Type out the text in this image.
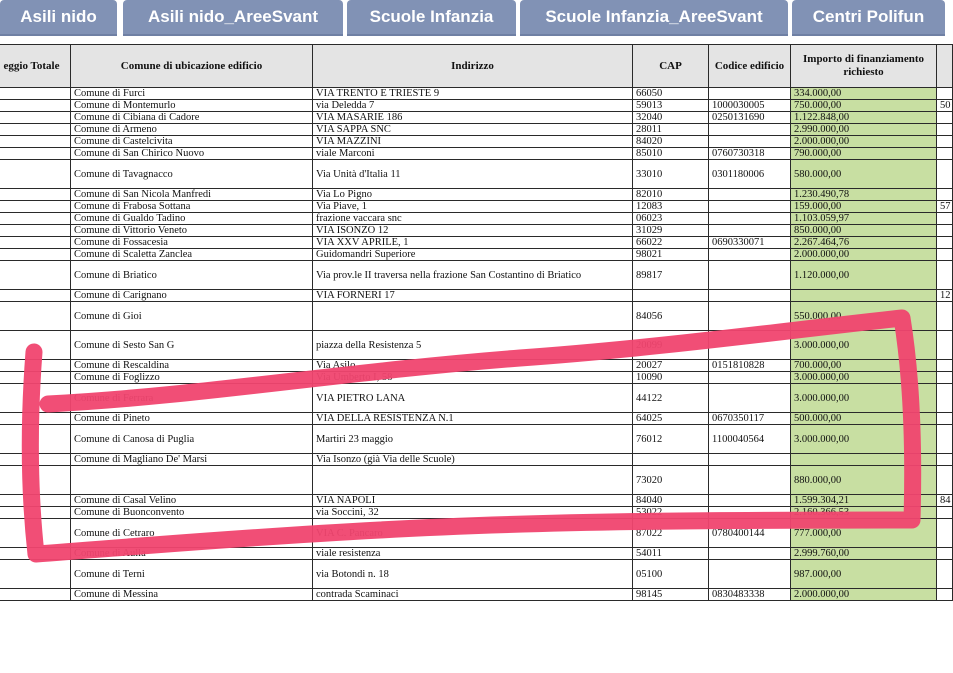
Asili nido	Asili nido_AreeSvant	Scuole Infanzia	Scuole Infanzia_AreeSvant	Centri Polifun
eggio Totale	Comune di ubicazione edificio	Indirizzo	CAP	Codice edificio	Importo di finanziamento richiesto	
	Comune di Furci	VIA TRENTO E TRIESTE 9	66050		334.000,00	
	Comune di Montemurlo	via Deledda 7	59013	1000030005	750.000,00	50
	Comune di Cibiana di Cadore	VIA MASARIE 186	32040	0250131690	1.122.848,00	
	Comune di Armeno	VIA SAPPA SNC	28011		2.990.000,00	
	Comune di Castelcivita	VIA MAZZINI	84020		2.000.000,00	
	Comune di San Chirico Nuovo	viale Marconi	85010	0760730318	790.000,00	
	Comune di Tavagnacco	Via Unità d'Italia 11	33010	0301180006	580.000,00	
	Comune di San Nicola Manfredi	Via Lo Pigno	82010		1.230.490,78	
	Comune di Frabosa Sottana	Via Piave, 1	12083		159.000,00	57
	Comune di Gualdo Tadino	frazione vaccara snc	06023		1.103.059,97	
	Comune di Vittorio Veneto	VIA ISONZO 12	31029		850.000,00	
	Comune di Fossacesia	VIA XXV APRILE, 1	66022	0690330071	2.267.464,76	
	Comune di Scaletta Zanclea	Guidomandri Superiore	98021		2.000.000,00	
	Comune di Briatico	Via prov.le II traversa nella frazione San Costantino di Briatico	89817		1.120.000,00	
	Comune di Carignano	VIA FORNERI 17				12
	Comune di Gioi		84056		550.000,00	
	Comune di Sesto San G	piazza della Resistenza 5	20099		3.000.000,00	
	Comune di Rescaldina	Via Asilo	20027	0151810828	700.000,00	
	Comune di Foglizzo	Via Umberto I, 58	10090		3.000.000,00	
	Comune di Ferrara	VIA PIETRO LANA	44122		3.000.000,00	
	Comune di Pineto	VIA DELLA RESISTENZA N.1	64025	0670350117	500.000,00	
	Comune di Canosa di Puglia	Martiri 23 maggio	76012	1100040564	3.000.000,00	
	Comune di Magliano De' Marsi	Via Isonzo (già Via delle Scuole)				
			73020		880.000,00	
	Comune di Casal Velino	VIA NAPOLI	84040		1.599.304,21	84
	Comune di Buonconvento	via Soccini, 32	53022		2.160.366,53	
	Comune di Cetraro	VIA C. Pancaro	87022	0780400144	777.000,00	
	Comune di Aulla	viale resistenza	54011		2.999.760,00	
	Comune di Terni	via Botondi n. 18	05100		987.000,00	
	Comune di Messina	contrada Scaminaci	98145	0830483338	2.000.000,00	
